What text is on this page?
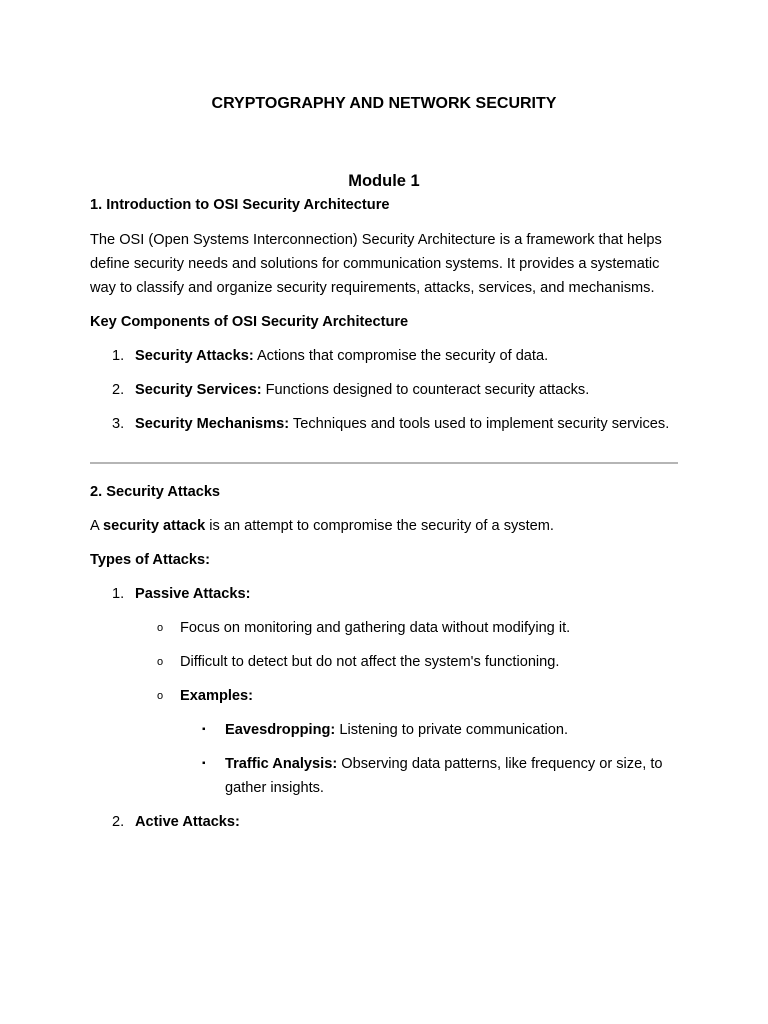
CRYPTOGRAPHY AND NETWORK SECURITY
Module 1
1. Introduction to OSI Security Architecture

The OSI (Open Systems Interconnection) Security Architecture is a framework that helps define security needs and solutions for communication systems. It provides a systematic way to classify and organize security requirements, attacks, services, and mechanisms.

Key Components of OSI Security Architecture

1. Security Attacks: Actions that compromise the security of data.
2. Security Services: Functions designed to counteract security attacks.
3. Security Mechanisms: Techniques and tools used to implement security services.
2. Security Attacks

A security attack is an attempt to compromise the security of a system.

Types of Attacks:

1. Passive Attacks:
o Focus on monitoring and gathering data without modifying it.
o Difficult to detect but do not affect the system's functioning.
o Examples:
▪ Eavesdropping: Listening to private communication.
▪ Traffic Analysis: Observing data patterns, like frequency or size, to gather insights.
2. Active Attacks:
